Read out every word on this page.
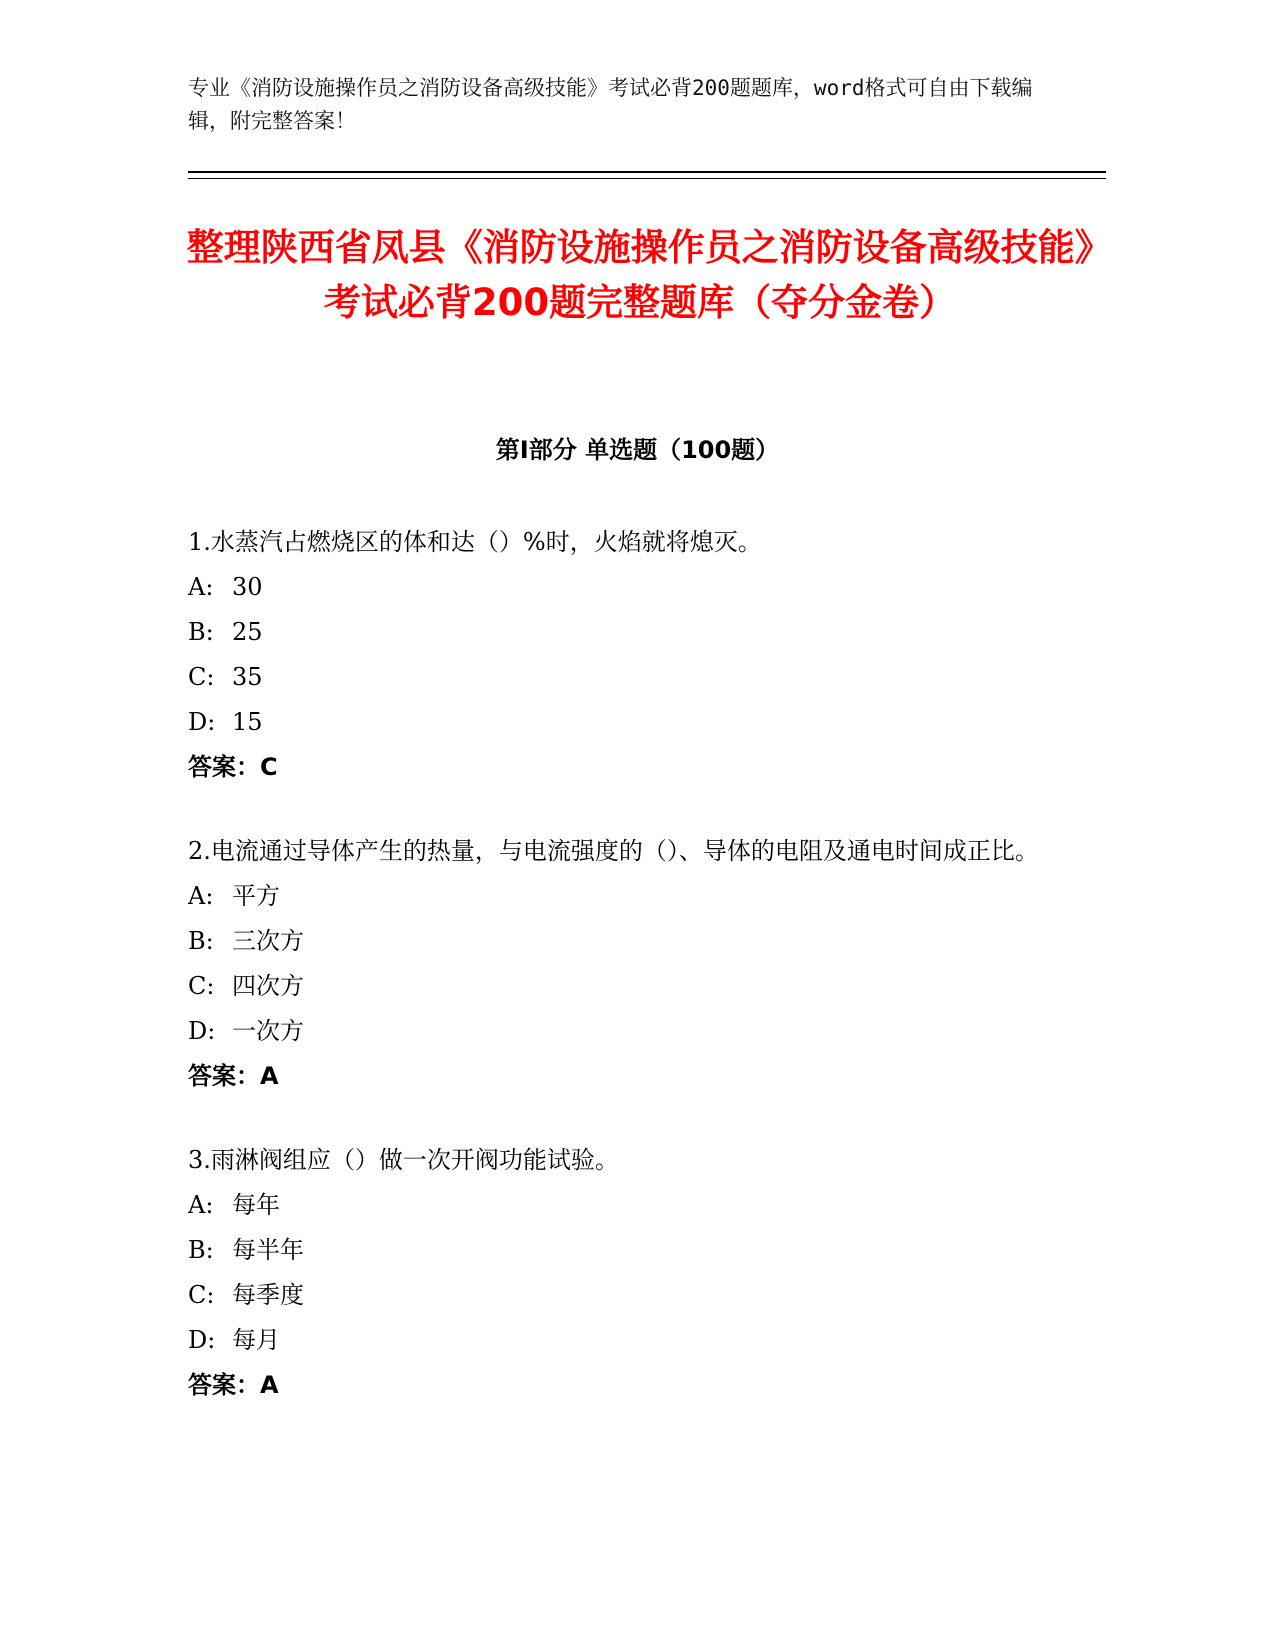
专业《消防设施操作员之消防设备高级技能》考试必背200题题库，word格式可自由下载编辑，附完整答案！
整理陕西省凤县《消防设施操作员之消防设备高级技能》考试必背200题完整题库（夺分金卷）
第I部分 单选题（100题）
1.水蒸汽占燃烧区的体和达（）%时，火焰就将熄灭。
A: 30
B: 25
C: 35
D: 15
答案：C
2.电流通过导体产生的热量，与电流强度的（）、导体的电阻及通电时间成正比。
A: 平方
B: 三次方
C: 四次方
D: 一次方
答案：A
3.雨淋阀组应（）做一次开阀功能试验。
A: 每年
B: 每半年
C: 每季度
D: 每月
答案：A
